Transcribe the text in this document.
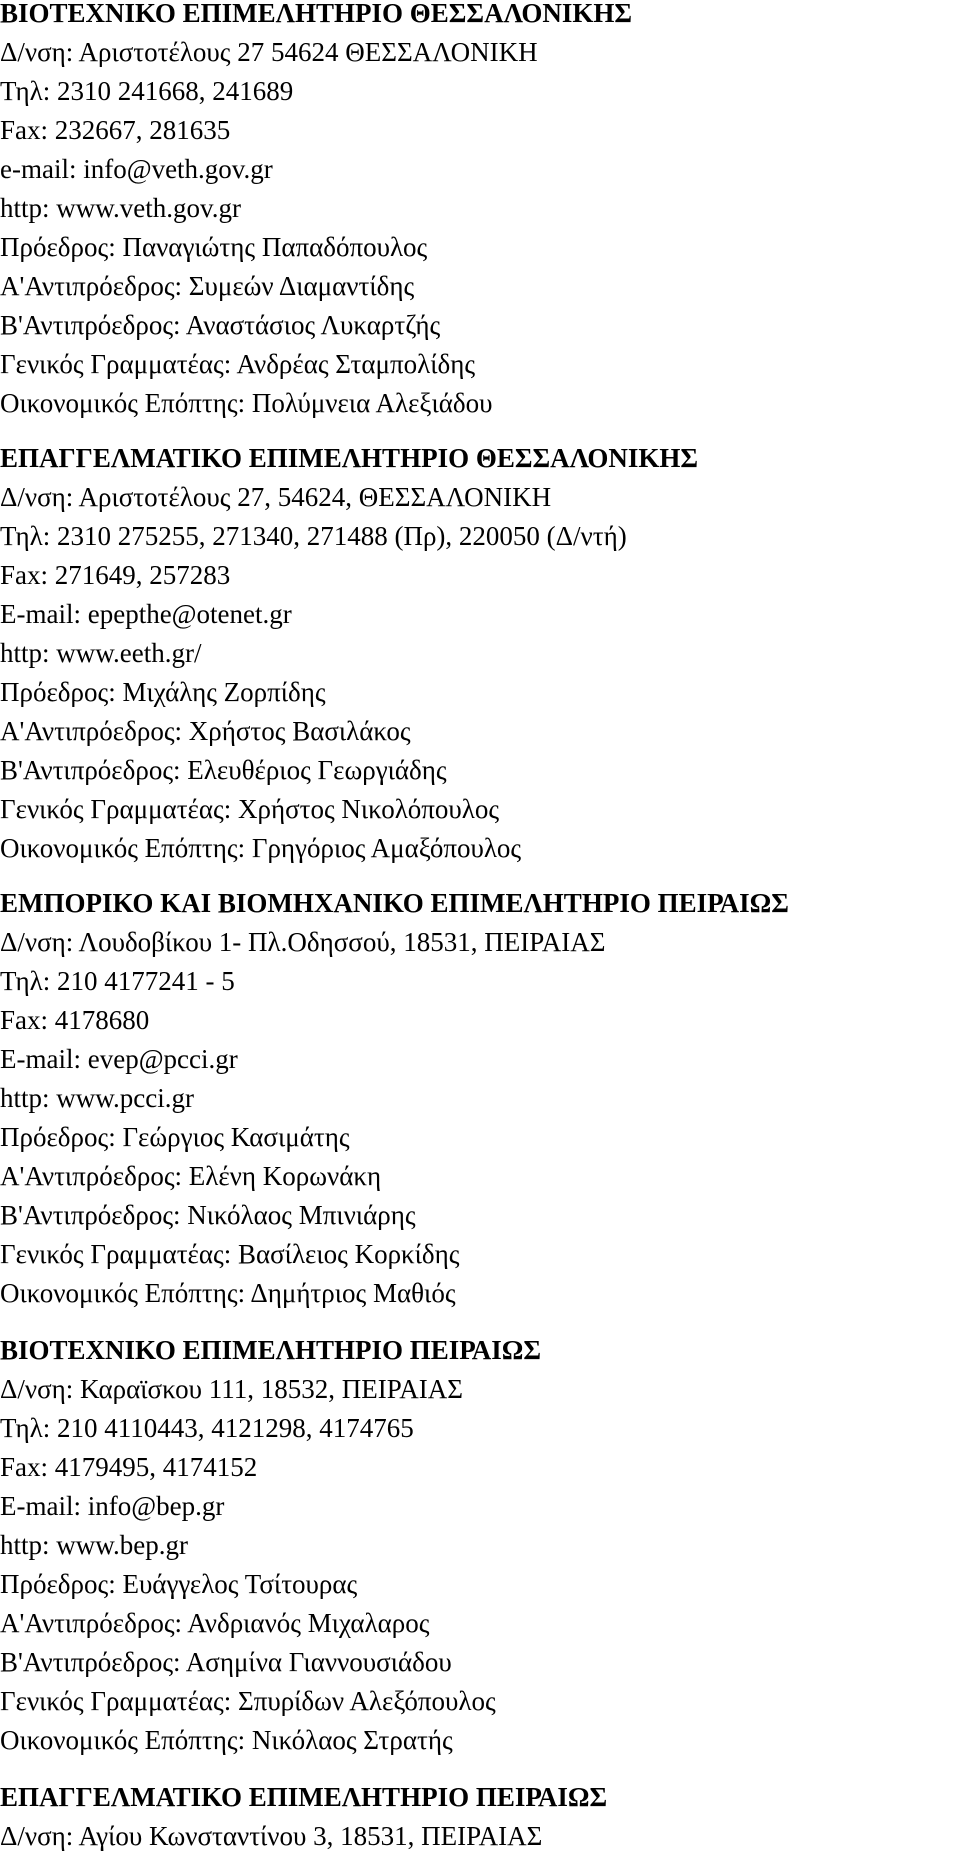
ΒΙΟΤΕΧΝΙΚΟ ΕΠΙΜΕΛΗΤΗΡΙΟ ΘΕΣΣΑΛΟΝΙΚΗΣ
Δ/νση: Αριστοτέλους 27 54624 ΘΕΣΣΑΛΟΝΙΚΗ
Τηλ: 2310 241668, 241689
Fax: 232667, 281635
e-mail: info@veth.gov.gr
http: www.veth.gov.gr
Πρόεδρος: Παναγιώτης Παπαδόπουλος
Α'Αντιπρόεδρος: Συμεών Διαμαντίδης
Β'Αντιπρόεδρος: Αναστάσιος Λυκαρτζής
Γενικός Γραμματέας: Ανδρέας Σταμπολίδης
Οικονομικός Επόπτης: Πολύμνεια Αλεξιάδου
ΕΠΑΓΓΕΛΜΑΤΙΚΟ ΕΠΙΜΕΛΗΤΗΡΙΟ ΘΕΣΣΑΛΟΝΙΚΗΣ
Δ/νση: Αριστοτέλους 27, 54624, ΘΕΣΣΑΛΟΝΙΚΗ
Τηλ: 2310 275255, 271340, 271488 (Πρ), 220050 (Δ/ντή)
Fax: 271649, 257283
E-mail: epepthe@otenet.gr
http: www.eeth.gr/
Πρόεδρος: Μιχάλης Ζορπίδης
Α'Αντιπρόεδρος: Χρήστος Βασιλάκος
Β'Αντιπρόεδρος: Ελευθέριος Γεωργιάδης
Γενικός Γραμματέας: Χρήστος Νικολόπουλος
Οικονομικός Επόπτης: Γρηγόριος Αμαξόπουλος
ΕΜΠΟΡΙΚΟ ΚΑΙ ΒΙΟΜΗΧΑΝΙΚΟ ΕΠΙΜΕΛΗΤΗΡΙΟ ΠΕΙΡΑΙΩΣ
Δ/νση: Λουδοβίκου 1- Πλ.Οδησσού, 18531, ΠΕΙΡΑΙΑΣ
Τηλ: 210 4177241 - 5
Fax: 4178680
E-mail: evep@pcci.gr
http: www.pcci.gr
Πρόεδρος: Γεώργιος Κασιμάτης
Α'Αντιπρόεδρος: Ελένη Κορωνάκη
Β'Αντιπρόεδρος: Νικόλαος Μπινιάρης
Γενικός Γραμματέας: Βασίλειος Κορκίδης
Οικονομικός Επόπτης: Δημήτριος Μαθιός
ΒΙΟΤΕΧΝΙΚΟ ΕΠΙΜΕΛΗΤΗΡΙΟ ΠΕΙΡΑΙΩΣ
Δ/νση: Καραϊσκου 111, 18532, ΠΕΙΡΑΙΑΣ
Τηλ: 210 4110443, 4121298, 4174765
Fax: 4179495, 4174152
E-mail: info@bep.gr
http: www.bep.gr
Πρόεδρος: Ευάγγελος Τσίτουρας
Α'Αντιπρόεδρος: Ανδριανός Μιχαλαρος
Β'Αντιπρόεδρος: Ασημίνα Γιαννουσιάδου
Γενικός Γραμματέας: Σπυρίδων Αλεξόπουλος
Οικονομικός Επόπτης: Νικόλαος Στρατής
ΕΠΑΓΓΕΛΜΑΤΙΚΟ ΕΠΙΜΕΛΗΤΗΡΙΟ ΠΕΙΡΑΙΩΣ
Δ/νση: Αγίου Κωνσταντίνου 3, 18531, ΠΕΙΡΑΙΑΣ
